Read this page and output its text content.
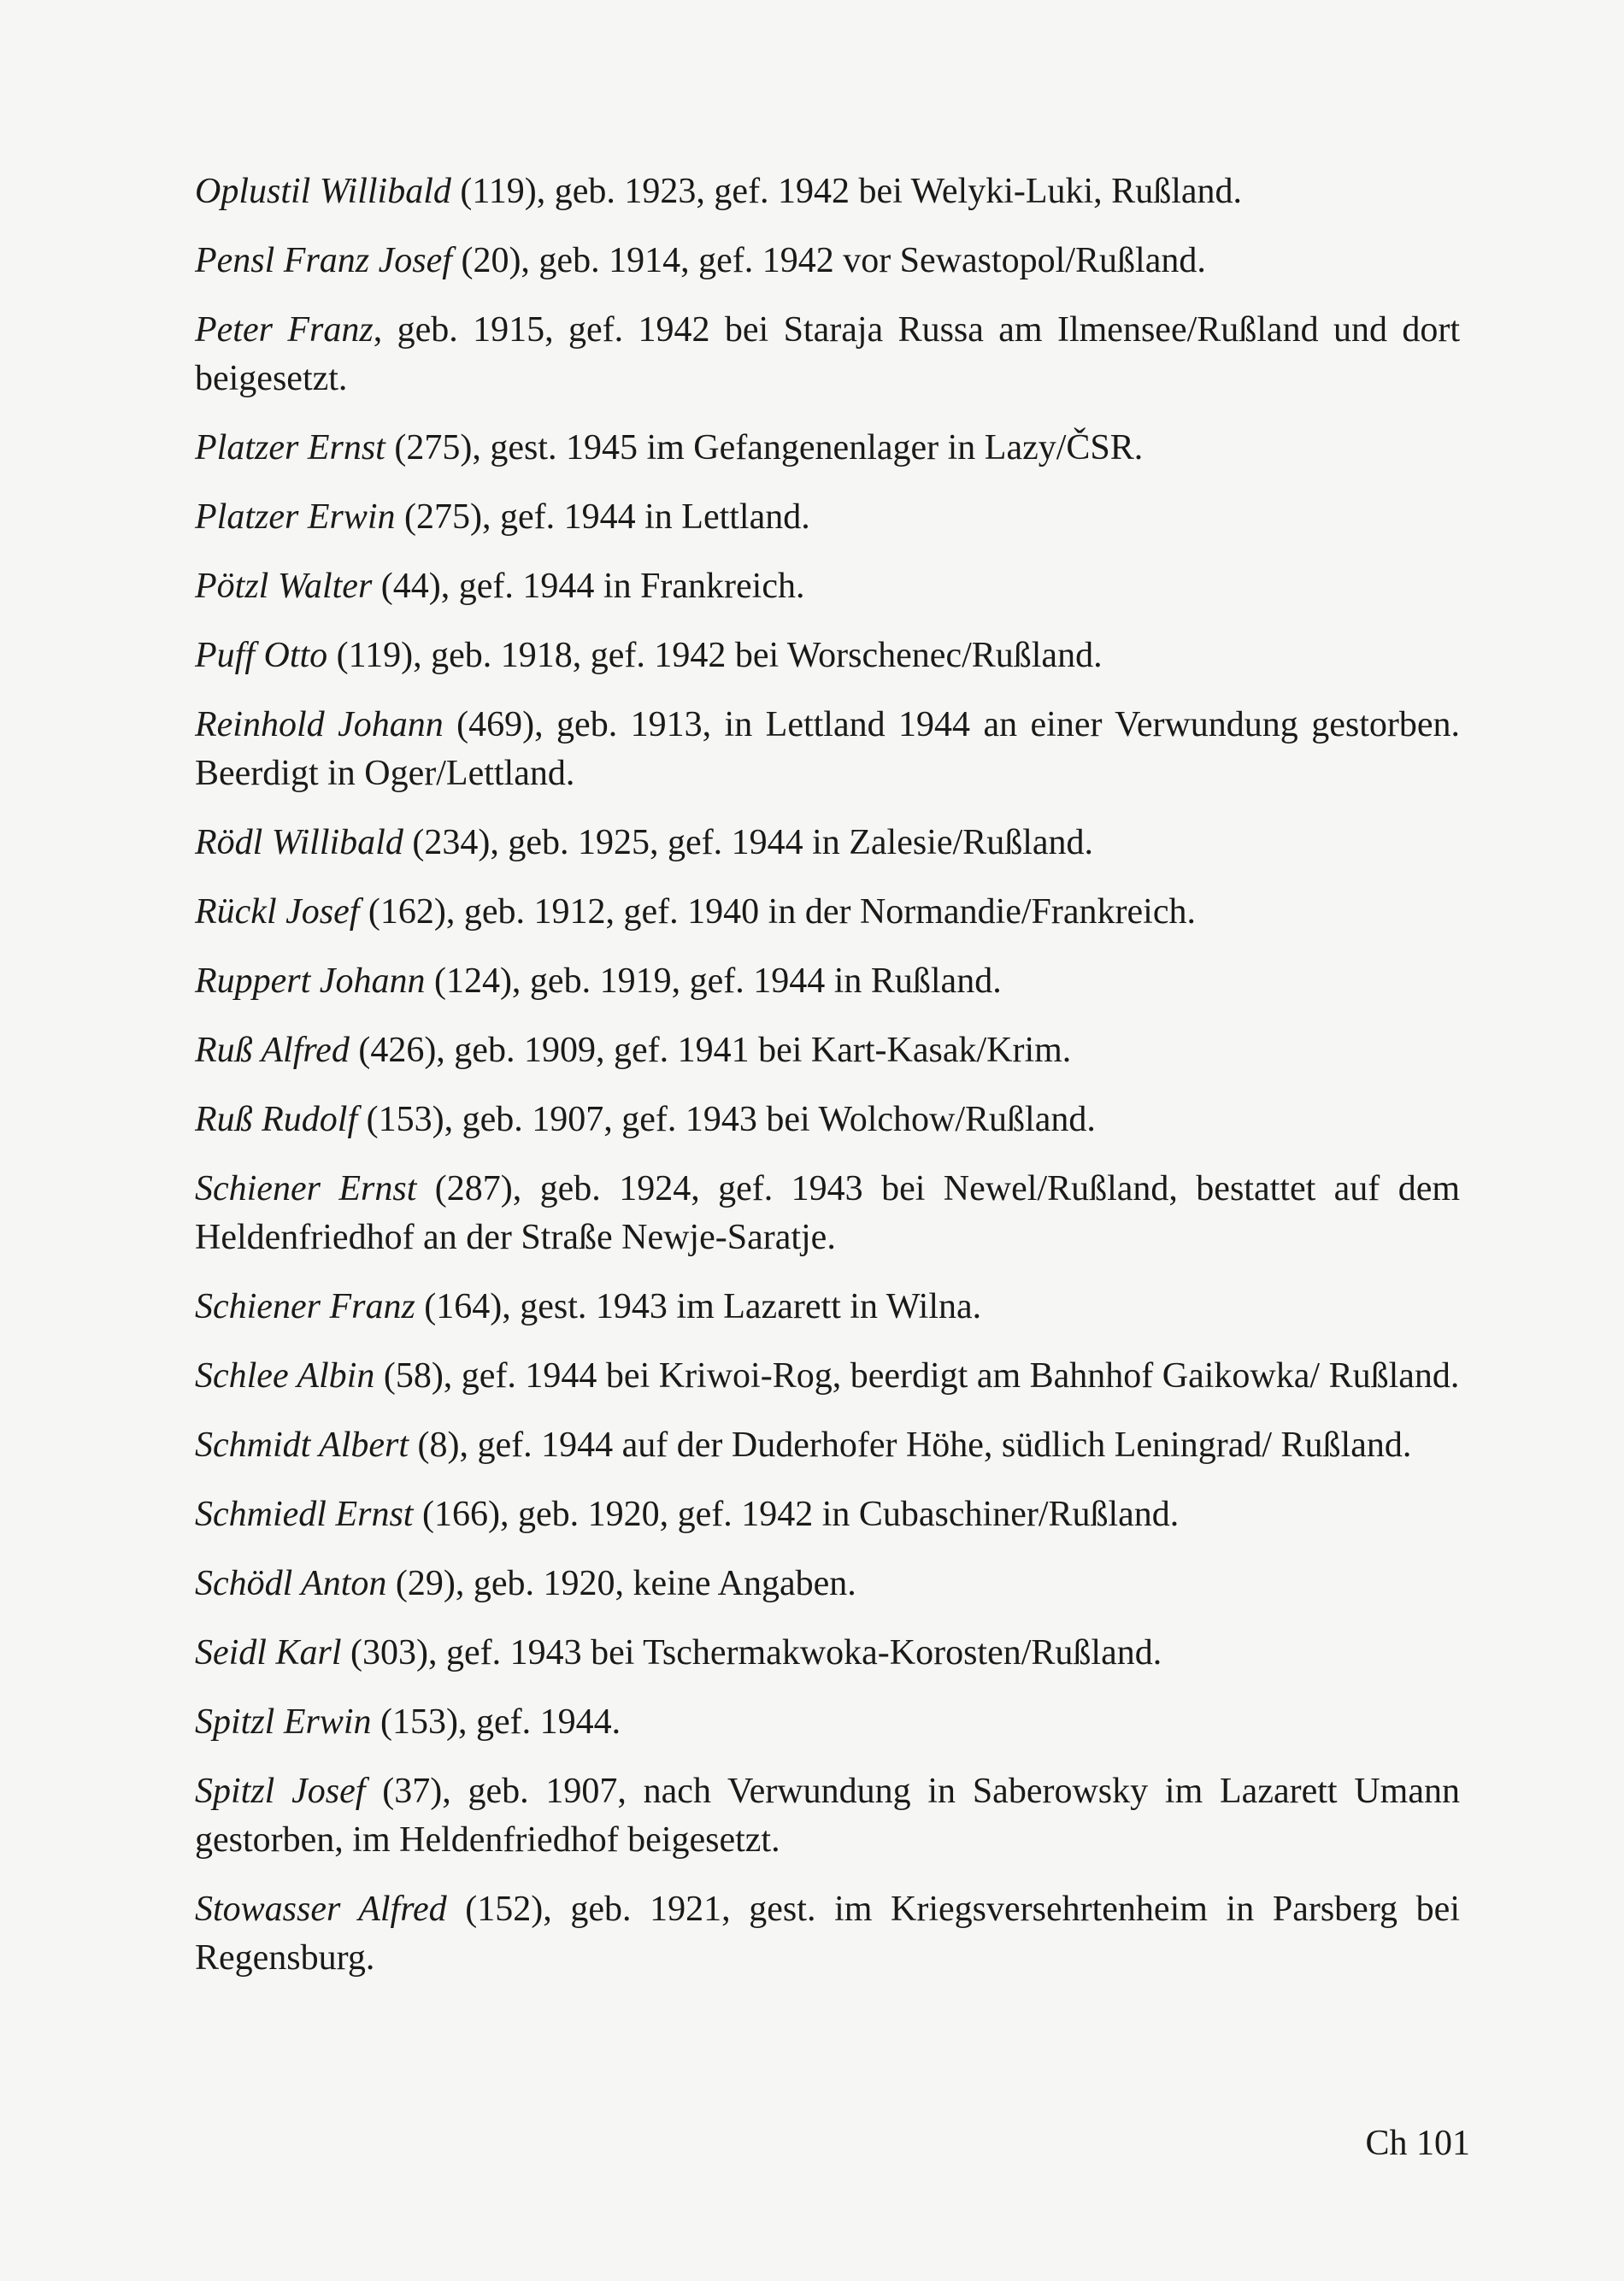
Oplustil Willibald (119), geb. 1923, gef. 1942 bei Welyki-Luki, Rußland.

Pensl Franz Josef (20), geb. 1914, gef. 1942 vor Sewastopol/Rußland.

Peter Franz, geb. 1915, gef. 1942 bei Staraja Russa am Ilmensee/Rußland und dort beigesetzt.

Platzer Ernst (275), gest. 1945 im Gefangenenlager in Lazy/ČSR.

Platzer Erwin (275), gef. 1944 in Lettland.

Pötzl Walter (44), gef. 1944 in Frankreich.

Puff Otto (119), geb. 1918, gef. 1942 bei Worschenec/Rußland.

Reinhold Johann (469), geb. 1913, in Lettland 1944 an einer Verwundung gestorben. Beerdigt in Oger/Lettland.

Rödl Willibald (234), geb. 1925, gef. 1944 in Zalesie/Rußland.

Rückl Josef (162), geb. 1912, gef. 1940 in der Normandie/Frankreich.

Ruppert Johann (124), geb. 1919, gef. 1944 in Rußland.

Ruß Alfred (426), geb. 1909, gef. 1941 bei Kart-Kasak/Krim.

Ruß Rudolf (153), geb. 1907, gef. 1943 bei Wolchow/Rußland.

Schiener Ernst (287), geb. 1924, gef. 1943 bei Newel/Rußland, bestattet auf dem Heldenfriedhof an der Straße Newje-Saratje.

Schiener Franz (164), gest. 1943 im Lazarett in Wilna.

Schlee Albin (58), gef. 1944 bei Kriwoi-Rog, beerdigt am Bahnhof Gaikowka/ Rußland.

Schmidt Albert (8), gef. 1944 auf der Duderhofer Höhe, südlich Leningrad/ Rußland.

Schmiedl Ernst (166), geb. 1920, gef. 1942 in Cubaschiner/Rußland.

Schödl Anton (29), geb. 1920, keine Angaben.

Seidl Karl (303), gef. 1943 bei Tschermakwoka-Korosten/Rußland.

Spitzl Erwin (153), gef. 1944.

Spitzl Josef (37), geb. 1907, nach Verwundung in Saberowsky im Lazarett Umann gestorben, im Heldenfriedhof beigesetzt.

Stowasser Alfred (152), geb. 1921, gest. im Kriegsversehrtenheim in Parsberg bei Regensburg.

Ch 101
